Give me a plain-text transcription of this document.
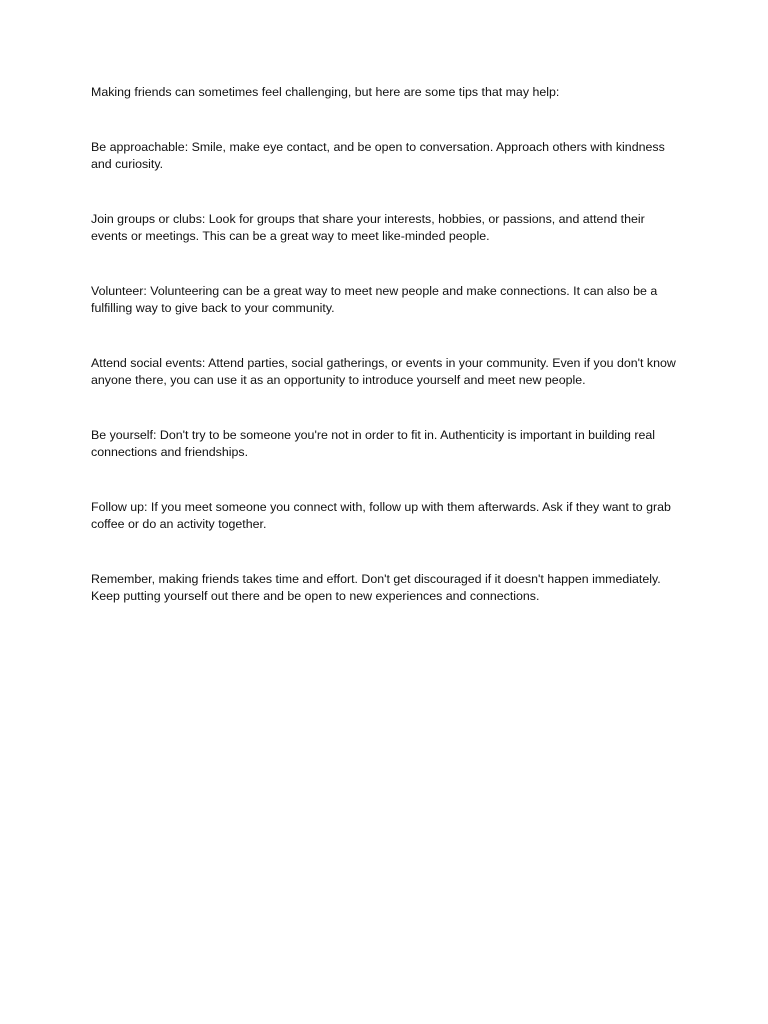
Making friends can sometimes feel challenging, but here are some tips that may help:

Be approachable: Smile, make eye contact, and be open to conversation. Approach others with kindness and curiosity.

Join groups or clubs: Look for groups that share your interests, hobbies, or passions, and attend their events or meetings. This can be a great way to meet like-minded people.

Volunteer: Volunteering can be a great way to meet new people and make connections. It can also be a fulfilling way to give back to your community.

Attend social events: Attend parties, social gatherings, or events in your community. Even if you don't know anyone there, you can use it as an opportunity to introduce yourself and meet new people.

Be yourself: Don't try to be someone you're not in order to fit in. Authenticity is important in building real connections and friendships.

Follow up: If you meet someone you connect with, follow up with them afterwards. Ask if they want to grab coffee or do an activity together.

Remember, making friends takes time and effort. Don't get discouraged if it doesn't happen immediately. Keep putting yourself out there and be open to new experiences and connections.
